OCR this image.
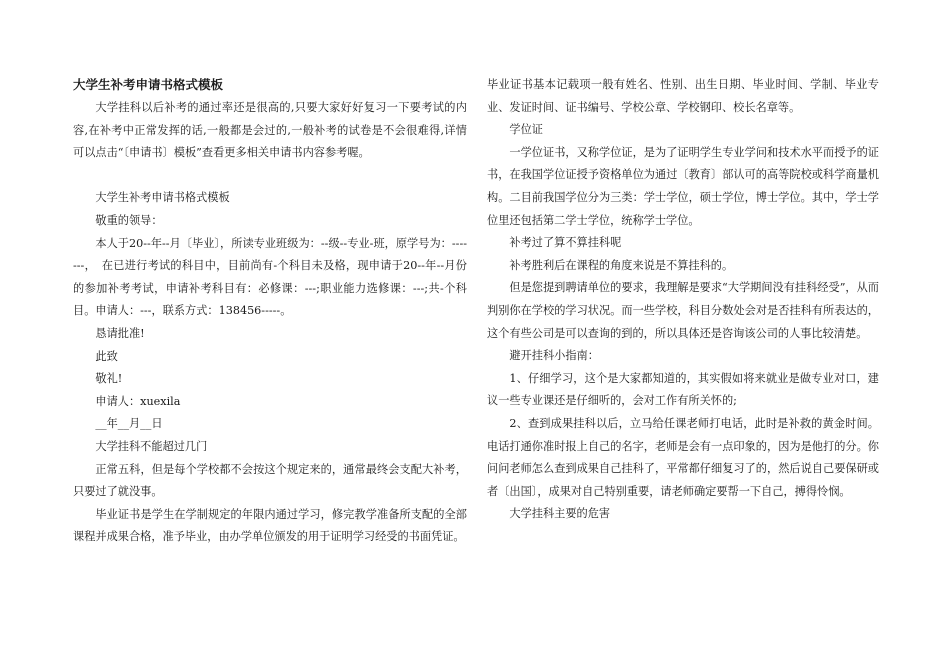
大学生补考申请书格式模板

大学挂科以后补考的通过率还是很高的,只要大家好好复习一下要考试的内容,在补考中正常发挥的话,一般都是会过的,一般补考的试卷是不会很难得,详情可以点击“〔申请书〕模板”查看更多相关申请书内容参考喔。

大学生补考申请书格式模板

敬重的领导：

本人于20--年--月〔毕业〕，所读专业班级为：--级--专业-班，原学号为：-------，　在已进行考试的科目中，目前尚有-个科目未及格，现申请于20--年--月份的参加补考考试，申请补考科目有：必修课：---;职业能力选修课：---;共-个科目。申请人：---，联系方式：138456-----。

恳请批准!

此致

敬礼!

申请人：xuexila

__年__月__日

大学挂科不能超过几门

正常五科，但是每个学校都不会按这个规定来的，通常最终会支配大补考，只要过了就没事。

毕业证书是学生在学制规定的年限内通过学习，修完教学准备所支配的全部课程并成果合格，准予毕业，由办学单位颁发的用于证明学习经受的书面凭证。

毕业证书基本记载项一般有姓名、性别、出生日期、毕业时间、学制、毕业专业、发证时间、证书编号、学校公章、学校钢印、校长名章等。

学位证

一学位证书，又称学位证，是为了证明学生专业学问和技术水平而授予的证书，在我国学位证授予资格单位为通过〔教育〕部认可的高等院校或科学商量机构。二目前我国学位分为三类：学士学位，硕士学位，博士学位。其中，学士学位里还包括第二学士学位，统称学士学位。

补考过了算不算挂科呢

补考胜利后在课程的角度来说是不算挂科的。

但是您提到聘请单位的要求，我理解是要求“大学期间没有挂科经受”，从而判别你在学校的学习状况。而一些学校，科目分数处会对是否挂科有所表达的，这个有些公司是可以查询的到的，所以具体还是咨询该公司的人事比较清楚。

避开挂科小指南：

1、仔细学习，这个是大家都知道的，其实假如将来就业是做专业对口，建议一些专业课还是仔细听的，会对工作有所关怀的;

2、查到成果挂科以后，立马给任课老师打电话，此时是补救的黄金时间。电话打通你准时报上自己的名字，老师是会有一点印象的，因为是他打的分。你问问老师怎么查到成果自己挂科了，平常都仔细复习了的，然后说自己要保研或者〔出国〕，成果对自己特别重要，请老师确定要帮一下自己，搏得怜悯。

大学挂科主要的危害
